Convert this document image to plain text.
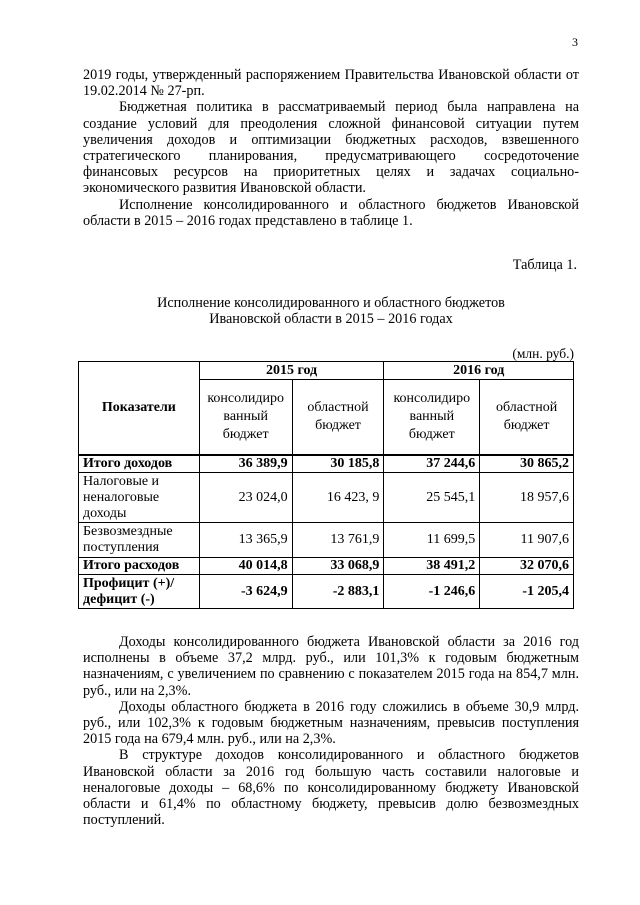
3

2019 годы, утвержденный распоряжением Правительства Ивановской области от 19.02.2014 № 27-рп.

Бюджетная политика в рассматриваемый период была направлена на создание условий для преодоления сложной финансовой ситуации путем увеличения доходов и оптимизации бюджетных расходов, взвешенного стратегического планирования, предусматривающего сосредоточение финансовых ресурсов на приоритетных целях и задачах социально-экономического развития Ивановской области.

Исполнение консолидированного и областного бюджетов Ивановской области в 2015 – 2016 годах представлено в таблице 1.

Таблица 1.
Исполнение консолидированного и областного бюджетов
Ивановской области в 2015 – 2016 годах
(млн. руб.)
Показатели	2015 год		2016 год	
	консолидиро ванный бюджет	областной бюджет	консолидиро ванный бюджет	областной бюджет
Итого доходов	36 389,9	30 185,8	37 244,6	30 865,2
Налоговые и неналоговые доходы	23 024,0	16 423, 9	25 545,1	18 957,6
Безвозмездные поступления	13 365,9	13 761,9	11 699,5	11 907,6
Итого расходов	40 014,8	33 068,9	38 491,2	32 070,6
Профицит (+)/ дефицит (-)	-3 624,9	-2 883,1	-1 246,6	-1 205,4

Доходы консолидированного бюджета Ивановской области за 2016 год исполнены в объеме 37,2 млрд. руб., или 101,3% к годовым бюджетным назначениям, с увеличением по сравнению с показателем 2015 года на 854,7 млн. руб., или на 2,3%.

Доходы областного бюджета в 2016 году сложились в объеме 30,9 млрд. руб., или 102,3% к годовым бюджетным назначениям, превысив поступления 2015 года на 679,4 млн. руб., или на 2,3%.

В структуре доходов консолидированного и областного бюджетов Ивановской области за 2016 год большую часть составили налоговые и неналоговые доходы – 68,6% по консолидированному бюджету Ивановской области и 61,4% по областному бюджету, превысив долю безвозмездных поступлений.
